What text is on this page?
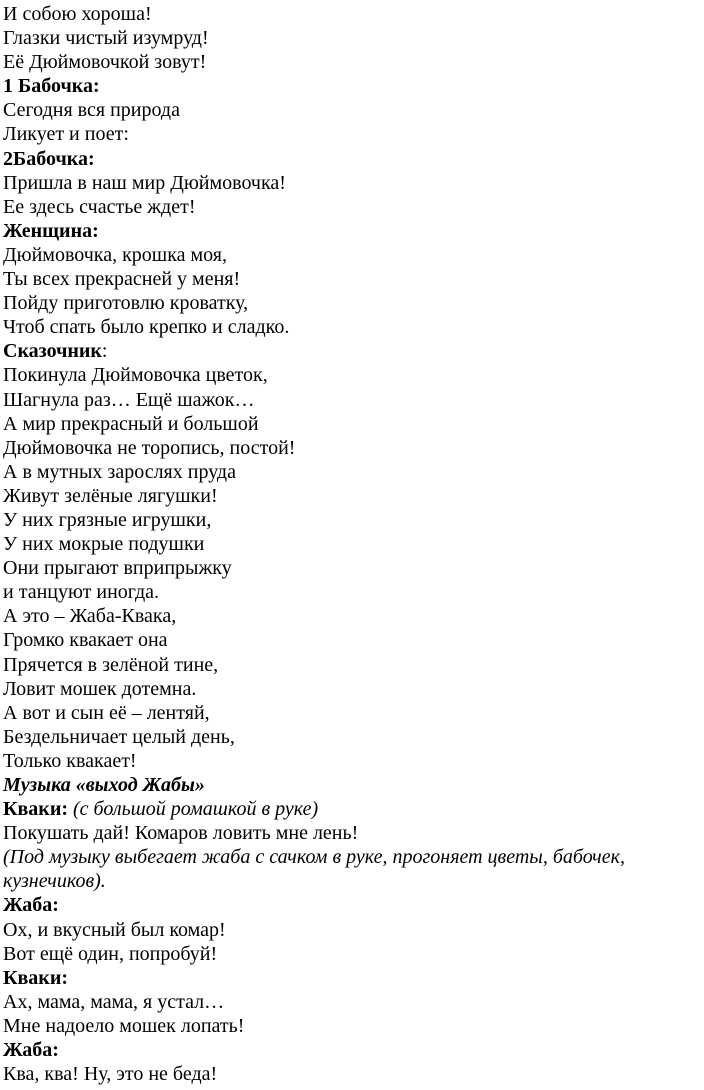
И собою хороша!
Глазки чистый изумруд!
Её Дюймовочкой зовут!
1 Бабочка:
Сегодня вся природа
Ликует и поет:
2Бабочка:
Пришла в наш мир Дюймовочка!
Ее здесь счастье ждет!
Женщина:
Дюймовочка, крошка моя,
Ты всех прекрасней у меня!
Пойду приготовлю кроватку,
Чтоб спать было крепко и сладко.
Сказочник:
Покинула Дюймовочка цветок,
Шагнула раз… Ещё шажок…
А мир прекрасный и большой
Дюймовочка не торопись, постой!
А в мутных зарослях пруда
Живут зелёные лягушки!
У них грязные игрушки,
У них мокрые подушки
Они прыгают вприпрыжку
и танцуют иногда.
А это – Жаба-Квака,
Громко квакает она
Прячется в зелёной тине,
Ловит мошек дотемна.
А вот и сын её – лентяй,
Бездельничает целый день,
Только квакает!
Музыка «выход Жабы»
Кваки: (с большой ромашкой в руке)
Покушать дай! Комаров ловить мне лень!
(Под музыку выбегает жаба с сачком в руке, прогоняет цветы, бабочек, кузнечиков).
Жаба:
Ох, и вкусный был комар!
Вот ещё один, попробуй!
Кваки:
Ах, мама, мама, я устал…
Мне надоело мошек лопать!
Жаба:
Ква, ква! Ну, это не беда!
